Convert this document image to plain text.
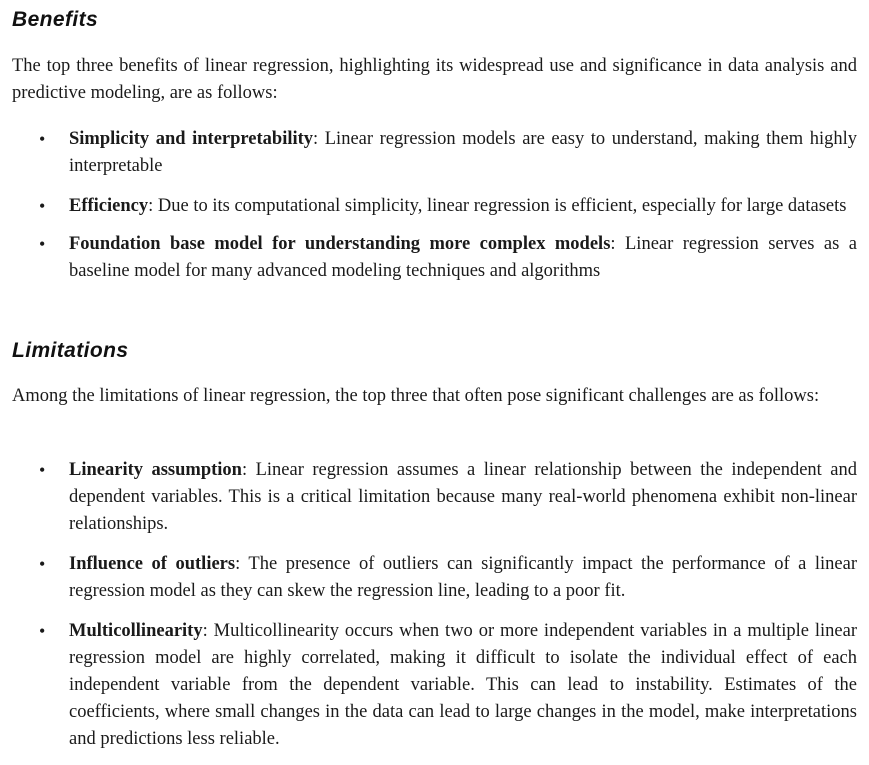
Benefits

The top three benefits of linear regression, highlighting its widespread use and significance in data analysis and predictive modeling, are as follows:

• Simplicity and interpretability: Linear regression models are easy to understand, making them highly interpretable
• Efficiency: Due to its computational simplicity, linear regression is efficient, especially for large datasets
• Foundation base model for understanding more complex models: Linear regression serves as a baseline model for many advanced modeling techniques and algorithms
Limitations

Among the limitations of linear regression, the top three that often pose significant challenges are as follows:

• Linearity assumption: Linear regression assumes a linear relationship between the independent and dependent variables. This is a critical limitation because many real-world phenomena exhibit non-linear relationships.
• Influence of outliers: The presence of outliers can significantly impact the performance of a linear regression model as they can skew the regression line, leading to a poor fit.
• Multicollinearity: Multicollinearity occurs when two or more independent variables in a multiple linear regression model are highly correlated, making it difficult to isolate the individual effect of each independent variable from the dependent variable. This can lead to instability. Estimates of the coefficients, where small changes in the data can lead to large changes in the model, make interpretations and predictions less reliable.
